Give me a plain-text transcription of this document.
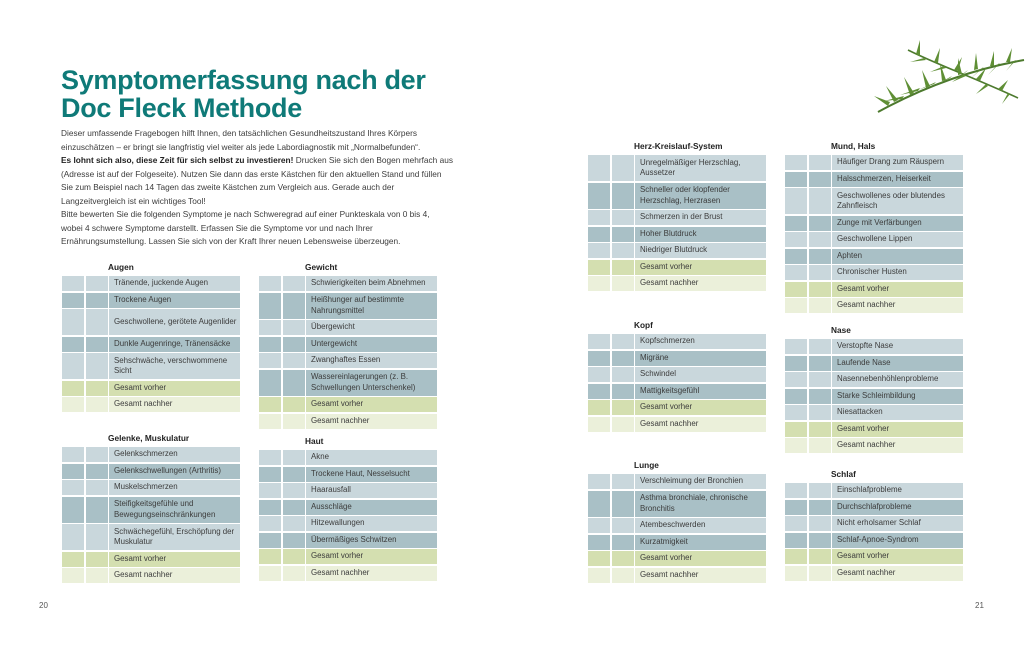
Symptomerfassung nach der Doc Fleck Methode

Dieser umfassende Fragebogen hilft Ihnen, den tatsächlichen Gesundheitszustand Ihres Körpers einzuschätzen – er bringt sie langfristig viel weiter als jede Labordiagnostik mit „Normalbefunden“.

Es lohnt sich also, diese Zeit für sich selbst zu investieren! Drucken Sie sich den Bogen mehrfach aus (Adresse ist auf der Folgeseite). Nutzen Sie dann das erste Kästchen für den aktuellen Stand und füllen Sie zum Beispiel nach 14 Tagen das zweite Kästchen zum Vergleich aus. Gerade auch der Langzeitvergleich ist ein wichtiges Tool!

Bitte bewerten Sie die folgenden Symptome je nach Schweregrad auf einer Punkteskala von 0 bis 4, wobei 4 schwere Symptome darstellt. Erfassen Sie die Symptome vor und nach Ihrer Ernährungsumstellung. Lassen Sie sich von der Kraft Ihrer neuen Lebensweise überzeugen.

Augen
Tränende, juckende Augen
Trockene Augen
Geschwollene, gerötete Augenlider
Dunkle Augenringe, Tränensäcke
Sehschwäche, verschwommene Sicht
Gesamt vorher
Gesamt nachher
Gewicht
Schwierigkeiten beim Abnehmen
Heißhunger auf bestimmte Nahrungsmittel
Übergewicht
Untergewicht
Zwanghaftes Essen
Wassereinlagerungen (z. B. Schwellungen Unterschenkel)
Gesamt vorher
Gesamt nachher
Gelenke, Muskulatur
Gelenkschmerzen
Gelenkschwellungen (Arthritis)
Muskelschmerzen
Steifigkeitsgefühle und Bewegungseinschränkungen
Schwächegefühl, Erschöpfung der Muskulatur
Gesamt vorher
Gesamt nachher
Haut
Akne
Trockene Haut, Nesselsucht
Haarausfall
Ausschläge
Hitzewallungen
Übermäßiges Schwitzen
Gesamt vorher
Gesamt nachher
Herz-Kreislauf-System
Unregelmäßiger Herzschlag, Aussetzer
Schneller oder klopfender Herzschlag, Herzrasen
Schmerzen in der Brust
Hoher Blutdruck
Niedriger Blutdruck
Gesamt vorher
Gesamt nachher
Kopf
Kopfschmerzen
Migräne
Schwindel
Mattigkeitsgefühl
Gesamt vorher
Gesamt nachher
Lunge
Verschleimung der Bronchien
Asthma bronchiale, chronische Bronchitis
Atembeschwerden
Kurzatmigkeit
Gesamt vorher
Gesamt nachher
Mund, Hals
Häufiger Drang zum Räuspern
Halsschmerzen, Heiserkeit
Geschwollenes oder blutendes Zahnfleisch
Zunge mit Verfärbungen
Geschwollene Lippen
Aphten
Chronischer Husten
Gesamt vorher
Gesamt nachher
Nase
Verstopfte Nase
Laufende Nase
Nasennebenhöhlenprobleme
Starke Schleimbildung
Niesattacken
Gesamt vorher
Gesamt nachher
Schlaf
Einschlafprobleme
Durchschlafprobleme
Nicht erholsamer Schlaf
Schlaf-Apnoe-Syndrom
Gesamt vorher
Gesamt nachher
20	21
